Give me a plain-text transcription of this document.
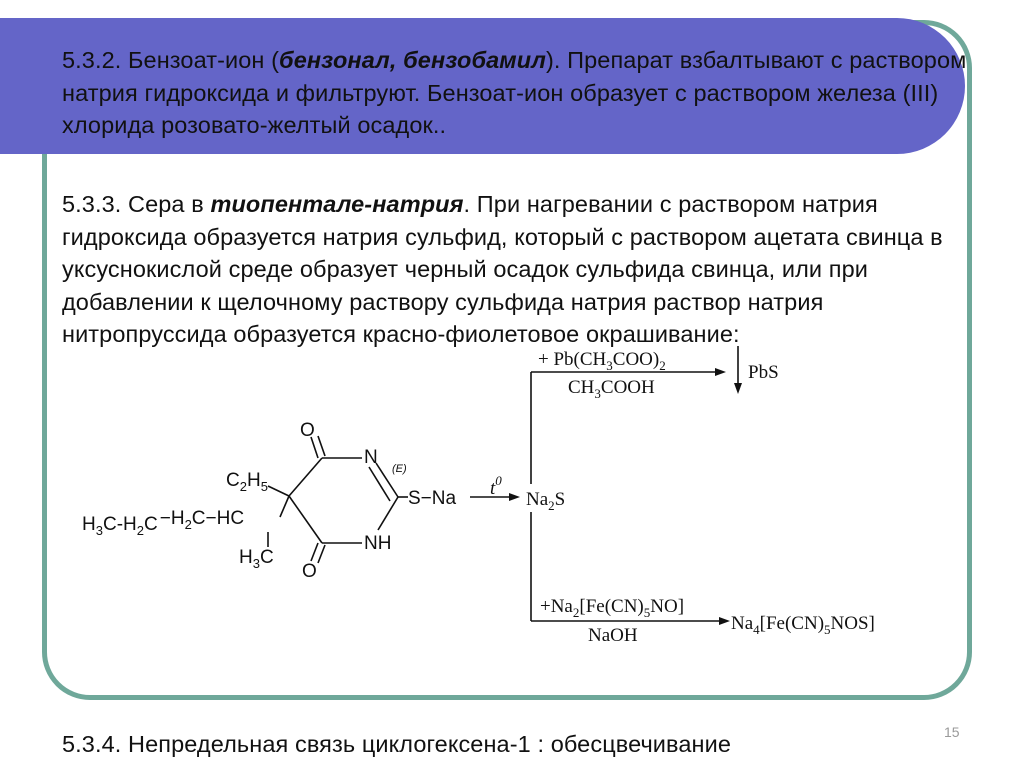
5.3.2. Бензоат-ион (бензонал, бензобамил). Препарат взбалтывают с раствором натрия гидроксида и фильтруют. Бензоат-ион образует с раствором железа (III) хлорида розовато-желтый осадок..

5.3.3. Сера в тиопентале-натрия. При нагревании с раствором натрия гидроксида образуется натрия сульфид, который с раствором ацетата свинца в уксуснокислой среде образует черный осадок сульфида свинца, или при добавлении к щелочному раствору сульфида натрия раствор натрия нитропруссида образуется красно-фиолетовое окрашивание:

O
O
N
(E)
NH
S−Na
$C_2H_5$
$H_3C$
$H_3C-H_2C -H_2C-HC$
$t^0$
$Na_2S$
+ $Pb(CH_3COO)_2$
$CH_3COOH$
PbS
$+Na_2[Fe(CN)_5NO]$
NaOH
$Na_4[Fe(CN)_5NOS]$
15

5.3.4. Непредельная связь циклогексена-1 : обесцвечивание
